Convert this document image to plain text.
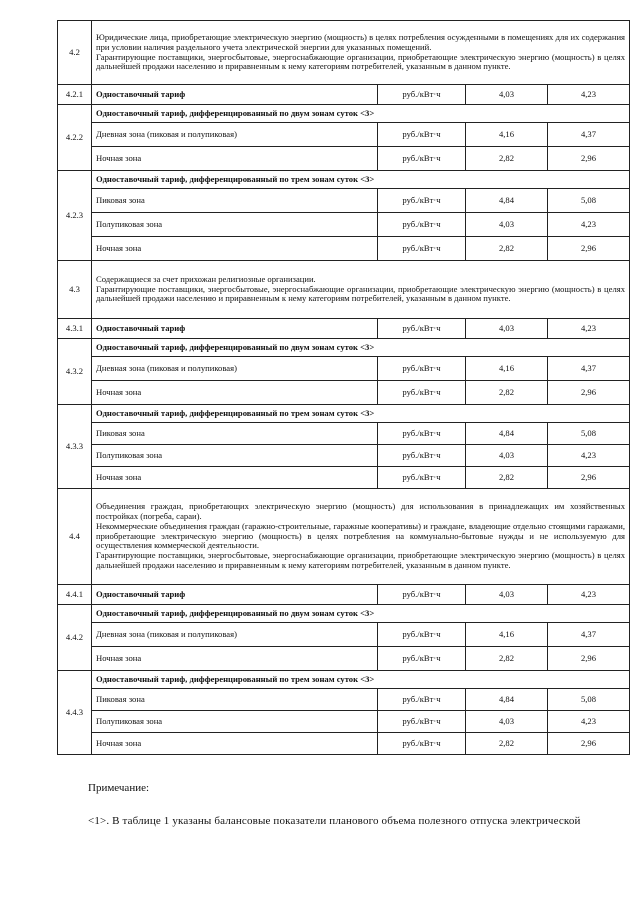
4.2	Юридические лица, приобретающие электрическую энергию (мощность) в целях потребления осужденными в помещениях для их содержания при условии наличия раздельного учета электрической энергии для указанных помещений.

Гарантирующие поставщики, энергосбытовые, энергоснабжающие организации, приобретающие электрическую энергию (мощность) в целях дальнейшей продажи населению и приравненным к нему категориям потребителей, указанным в данном пункте.			

4.2.1	Одноставочный тариф	руб./кВт·ч	4,03	4,23
4.2.2	Одноставочный тариф, дифференцированный по двум зонам суток <3>			
	Дневная зона (пиковая и полупиковая)	руб./кВт·ч	4,16	4,37
	Ночная зона	руб./кВт·ч	2,82	2,96
4.2.3	Одноставочный тариф, дифференцированный по трем зонам суток <3>			
	Пиковая зона	руб./кВт·ч	4,84	5,08
	Полупиковая зона	руб./кВт·ч	4,03	4,23
	Ночная зона	руб./кВт·ч	2,82	2,96
4.3	Содержащиеся за счет прихожан религиозные организации.

Гарантирующие поставщики, энергосбытовые, энергоснабжающие организации, приобретающие электрическую энергию (мощность) в целях дальнейшей продажи населению и приравненным к нему категориям потребителей, указанным в данном пункте.			

4.3.1	Одноставочный тариф	руб./кВт·ч	4,03	4,23
4.3.2	Одноставочный тариф, дифференцированный по двум зонам суток <3>			
	Дневная зона (пиковая и полупиковая)	руб./кВт·ч	4,16	4,37
	Ночная зона	руб./кВт·ч	2,82	2,96
4.3.3	Одноставочный тариф, дифференцированный по трем зонам суток <3>			
	Пиковая зона	руб./кВт·ч	4,84	5,08
	Полупиковая зона	руб./кВт·ч	4,03	4,23
	Ночная зона	руб./кВт·ч	2,82	2,96
4.4	Объединения граждан, приобретающих электрическую энергию (мощность) для использования в принадлежащих им хозяйственных постройках (погреба, сараи).

Некоммерческие объединения граждан (гаражно-строительные, гаражные кооперативы) и граждане, владеющие отдельно стоящими гаражами, приобретающие электрическую энергию (мощность) в целях потребления на коммунально-бытовые нужды и не используемую для осуществления коммерческой деятельности.

Гарантирующие поставщики, энергосбытовые, энергоснабжающие организации, приобретающие электрическую энергию (мощность) в целях дальнейшей продажи населению и приравненным к нему категориям потребителей, указанным в данном пункте.			

4.4.1	Одноставочный тариф	руб./кВт·ч	4,03	4,23
4.4.2	Одноставочный тариф, дифференцированный по двум зонам суток <3>			
	Дневная зона (пиковая и полупиковая)	руб./кВт·ч	4,16	4,37
	Ночная зона	руб./кВт·ч	2,82	2,96
4.4.3	Одноставочный тариф, дифференцированный по трем зонам суток <3>			
	Пиковая зона	руб./кВт·ч	4,84	5,08
	Полупиковая зона	руб./кВт·ч	4,03	4,23
	Ночная зона	руб./кВт·ч	2,82	2,96
Примечание:
<1>. В таблице 1 указаны балансовые показатели планового объема полезного отпуска электрической
